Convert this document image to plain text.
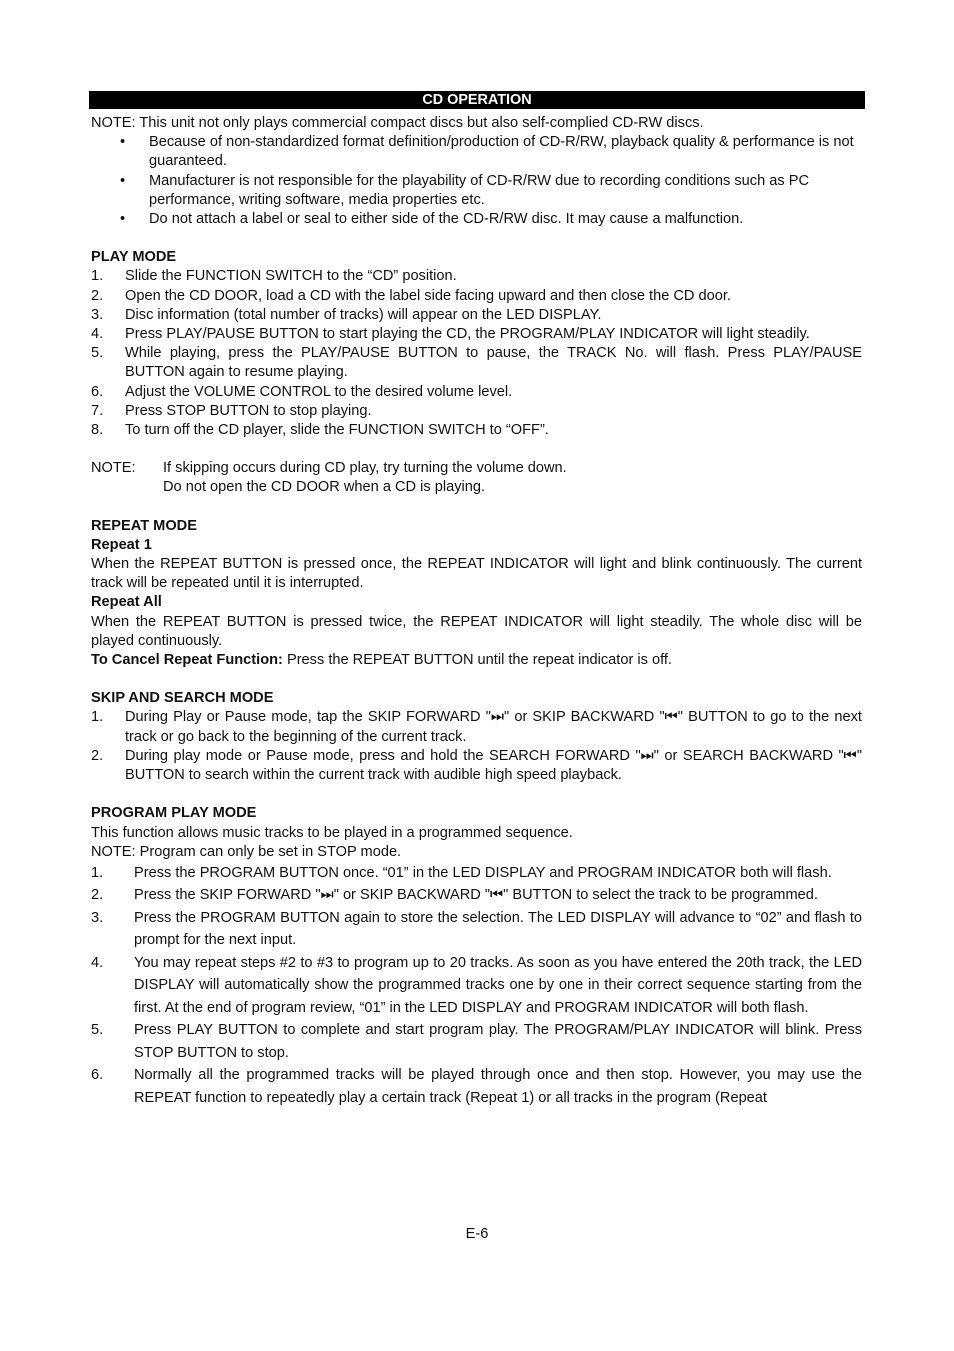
CD OPERATION
NOTE: This unit not only plays commercial compact discs but also self-complied CD-RW discs.
• Because of non-standardized format definition/production of CD-R/RW, playback quality & performance is not guaranteed.
• Manufacturer is not responsible for the playability of CD-R/RW due to recording conditions such as PC performance, writing software, media properties etc.
• Do not attach a label or seal to either side of the CD-R/RW disc. It may cause a malfunction.
PLAY MODE
1. Slide the FUNCTION SWITCH to the “CD” position.
2. Open the CD DOOR, load a CD with the label side facing upward and then close the CD door.
3. Disc information (total number of tracks) will appear on the LED DISPLAY.
4. Press PLAY/PAUSE BUTTON to start playing the CD, the PROGRAM/PLAY INDICATOR will light steadily.
5. While playing, press the PLAY/PAUSE BUTTON to pause, the TRACK No. will flash. Press PLAY/PAUSE BUTTON again to resume playing.
6. Adjust the VOLUME CONTROL to the desired volume level.
7. Press STOP BUTTON to stop playing.
8. To turn off the CD player, slide the FUNCTION SWITCH to “OFF”.
NOTE: If skipping occurs during CD play, try turning the volume down.
Do not open the CD DOOR when a CD is playing.
REPEAT MODE
Repeat 1
When the REPEAT BUTTON is pressed once, the REPEAT INDICATOR will light and blink continuously. The current track will be repeated until it is interrupted.
Repeat All
When the REPEAT BUTTON is pressed twice, the REPEAT INDICATOR will light steadily. The whole disc will be played continuously.
To Cancel Repeat Function: Press the REPEAT BUTTON until the repeat indicator is off.
SKIP AND SEARCH MODE
1. During Play or Pause mode, tap the SKIP FORWARD "⏭" or SKIP BACKWARD "⏮" BUTTON to go to the next track or go back to the beginning of the current track.
2. During play mode or Pause mode, press and hold the SEARCH FORWARD "⏭" or SEARCH BACKWARD "⏮" BUTTON to search within the current track with audible high speed playback.
PROGRAM PLAY MODE
This function allows music tracks to be played in a programmed sequence.
NOTE: Program can only be set in STOP mode.
1. Press the PROGRAM BUTTON once. “01” in the LED DISPLAY and PROGRAM INDICATOR both will flash.
2. Press the SKIP FORWARD "⏭" or SKIP BACKWARD "⏮" BUTTON to select the track to be programmed.
3. Press the PROGRAM BUTTON again to store the selection. The LED DISPLAY will advance to “02” and flash to prompt for the next input.
4. You may repeat steps #2 to #3 to program up to 20 tracks. As soon as you have entered the 20th track, the LED DISPLAY will automatically show the programmed tracks one by one in their correct sequence starting from the first. At the end of program review, “01” in the LED DISPLAY and PROGRAM INDICATOR will both flash.
5. Press PLAY BUTTON to complete and start program play. The PROGRAM/PLAY INDICATOR will blink. Press STOP BUTTON to stop.
6. Normally all the programmed tracks will be played through once and then stop. However, you may use the REPEAT function to repeatedly play a certain track (Repeat 1) or all tracks in the program (Repeat
E-6
